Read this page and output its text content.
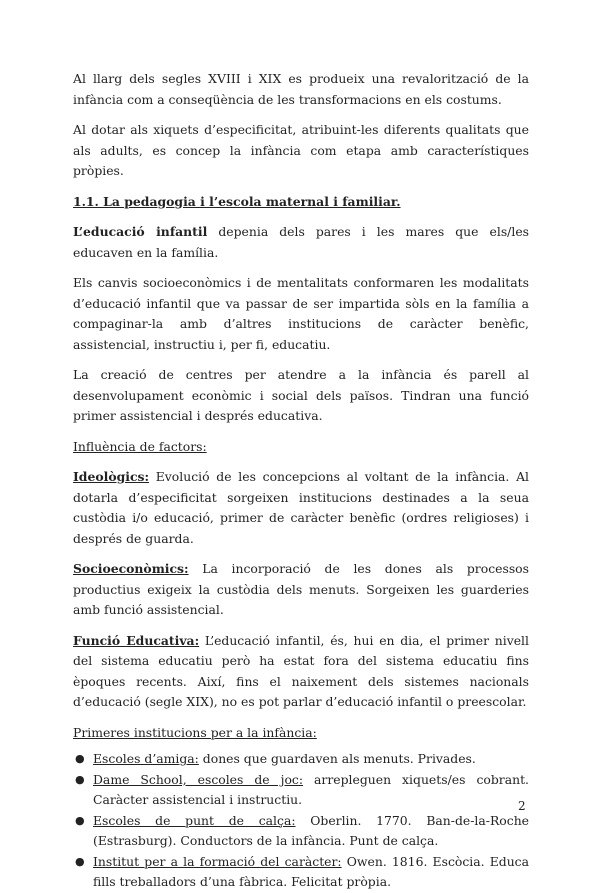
Al llarg dels segles XVIII i XIX es produeix una revalorització de la infància com a conseqüència de les transformacions en els costums.

Al dotar als xiquets d’especificitat, atribuint-les diferents qualitats que als adults, es concep la infància com etapa amb característiques pròpies.

1.1. La pedagogia i l’escola maternal i familiar.

L’educació infantil depenia dels pares i les mares que els/les educaven en la família.

Els canvis socioeconòmics i de mentalitats conformaren les modalitats d’educació infantil que va passar de ser impartida sòls en la família a compaginar-la amb d’altres institucions de caràcter benèfic, assistencial, instructiu i, per fi, educatiu.

La creació de centres per atendre a la infància és parell al desenvolupament econòmic i social dels països. Tindran una funció primer assistencial i després educativa.

Influència de factors:

Ideològics: Evolució de les concepcions al voltant de la infància. Al dotarla d’especificitat sorgeixen institucions destinades a la seua custòdia i/o educació, primer de caràcter benèfic (ordres religioses) i després de guarda.

Socioeconòmics: La incorporació de les dones als processos productius exigeix la custòdia dels menuts. Sorgeixen les guarderies amb funció assistencial.

Funció Educativa: L’educació infantil, és, hui en dia, el primer nivell del sistema educatiu però ha estat fora del sistema educatiu fins èpoques recents. Així, fins el naixement dels sistemes nacionals d’educació (segle XIX), no es pot parlar d’educació infantil o preescolar.

Primeres institucions per a la infància:

● Escoles d’amiga: dones que guardaven als menuts. Privades.
● Dame School, escoles de joc: arrepleguen xiquets/es cobrant. Caràcter assistencial i instructiu.
● Escoles de punt de calça: Oberlin. 1770. Ban-de-la-Roche (Estrasburg). Conductors de la infància. Punt de calça.
● Institut per a la formació del caràcter: Owen. 1816. Escòcia. Educa fills treballadors d’una fàbrica. Felicitat pròpia.
2
